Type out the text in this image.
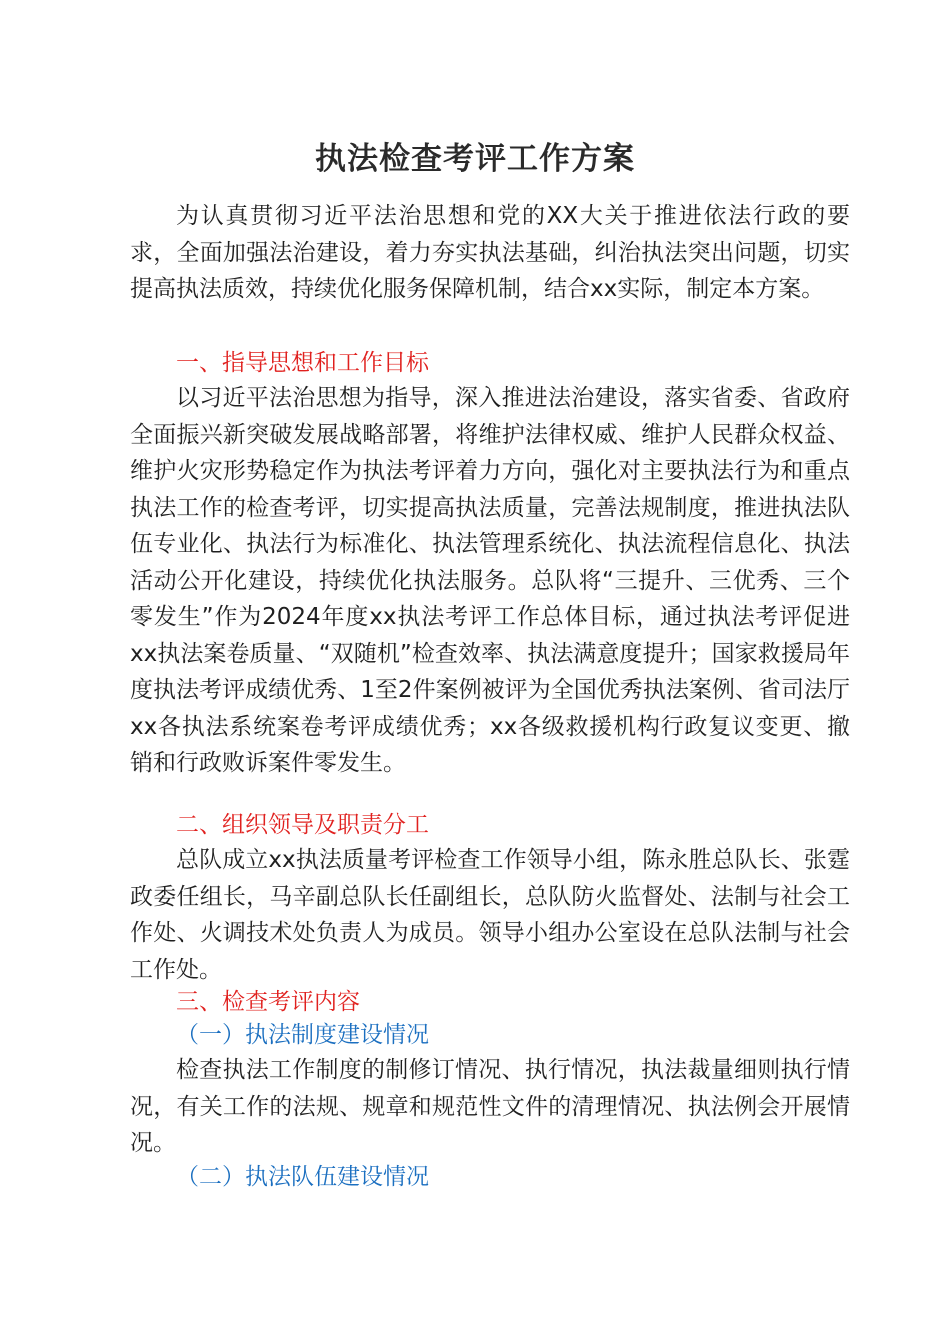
执法检查考评工作方案
为认真贯彻习近平法治思想和党的XX大关于推进依法行政的要求，全面加强法治建设，着力夯实执法基础，纠治执法突出问题，切实提高执法质效，持续优化服务保障机制，结合xx实际，制定本方案。
一、指导思想和工作目标
以习近平法治思想为指导，深入推进法治建设，落实省委、省政府全面振兴新突破发展战略部署，将维护法律权威、维护人民群众权益、维护火灾形势稳定作为执法考评着力方向，强化对主要执法行为和重点执法工作的检查考评，切实提高执法质量，完善法规制度，推进执法队伍专业化、执法行为标准化、执法管理系统化、执法流程信息化、执法活动公开化建设，持续优化执法服务。总队将“三提升、三优秀、三个零发生”作为2024年度xx执法考评工作总体目标，通过执法考评促进xx执法案卷质量、“双随机”检查效率、执法满意度提升；国家救援局年度执法考评成绩优秀、1至2件案例被评为全国优秀执法案例、省司法厅xx各执法系统案卷考评成绩优秀；xx各级救援机构行政复议变更、撤销和行政败诉案件零发生。
二、组织领导及职责分工
总队成立xx执法质量考评检查工作领导小组，陈永胜总队长、张霆政委任组长，马辛副总队长任副组长，总队防火监督处、法制与社会工作处、火调技术处负责人为成员。领导小组办公室设在总队法制与社会工作处。
三、检查考评内容
（一）执法制度建设情况
检查执法工作制度的制修订情况、执行情况，执法裁量细则执行情况，有关工作的法规、规章和规范性文件的清理情况、执法例会开展情况。
（二）执法队伍建设情况
